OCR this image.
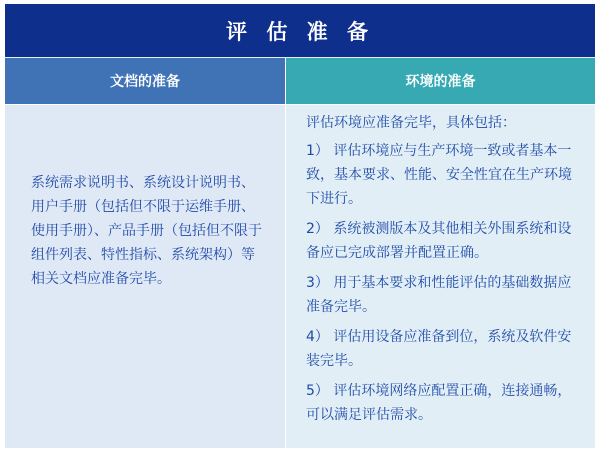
评 估 准 备
文档的准备	环境的准备
系统需求说明书、系统设计说明书、用户手册（包括但不限于运维手册、使用手册）、产品手册（包括但不限于组件列表、特性指标、系统架构）等相关文档应准备完毕。

评估环境应准备完毕，具体包括：

1） 评估环境应与生产环境一致或者基本一致，基本要求、性能、安全性宜在生产环境下进行。

2） 系统被测版本及其他相关外围系统和设备应已完成部署并配置正确。

3） 用于基本要求和性能评估的基础数据应准备完毕。

4） 评估用设备应准备到位，系统及软件安装完毕。

5） 评估环境网络应配置正确，连接通畅，可以满足评估需求。
